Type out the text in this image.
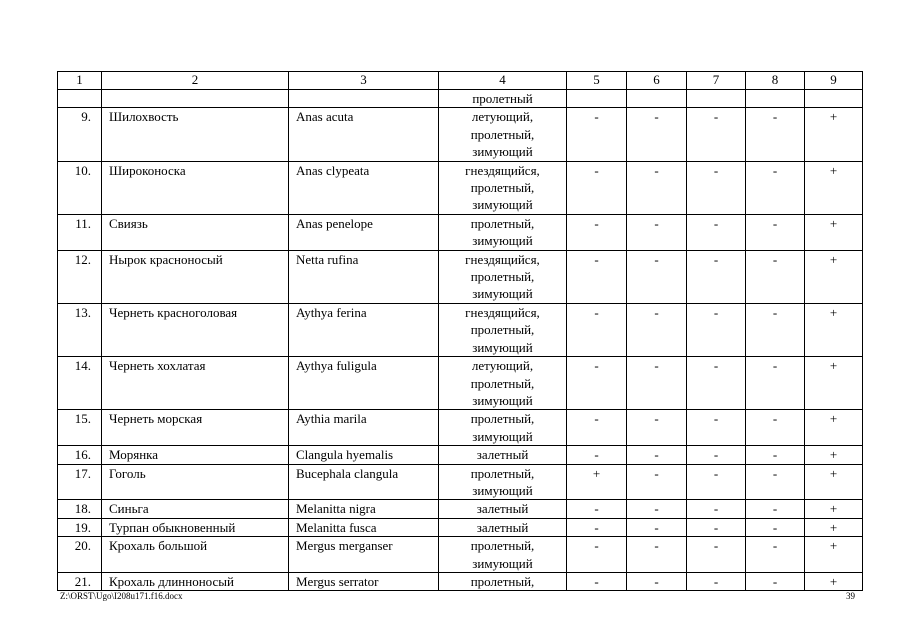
1	2	3	4	5	6	7	8	9
			пролетный					
9.	Шилохвость	Anas acuta	летующий,
пролетный,
зимующий	-	-	-	-	+
10.	Широконоска	Anas clypeata	гнездящийся,
пролетный,
зимующий	-	-	-	-	+
11.	Свиязь	Anas penelope	пролетный,
зимующий	-	-	-	-	+
12.	Нырок красноносый	Netta rufina	гнездящийся,
пролетный,
зимующий	-	-	-	-	+
13.	Чернеть красноголовая	Aythya ferina	гнездящийся,
пролетный,
зимующий	-	-	-	-	+
14.	Чернеть хохлатая	Aythya fuligula	летующий,
пролетный,
зимующий	-	-	-	-	+
15.	Чернеть морская	Aythia marila	пролетный,
зимующий	-	-	-	-	+
16.	Морянка	Clangula hyemalis	залетный	-	-	-	-	+
17.	Гоголь	Bucephala clangula	пролетный,
зимующий	+	-	-	-	+
18.	Синьга	Melanitta nigra	залетный	-	-	-	-	+
19.	Турпан обыкновенный	Melanitta fusca	залетный	-	-	-	-	+
20.	Крохаль большой	Mergus merganser	пролетный,
зимующий	-	-	-	-	+
21.	Крохаль длинноносый	Mergus serrator	пролетный,	-	-	-	-	+
Z:\ORST\Ugo\I208u171.f16.docx	39
